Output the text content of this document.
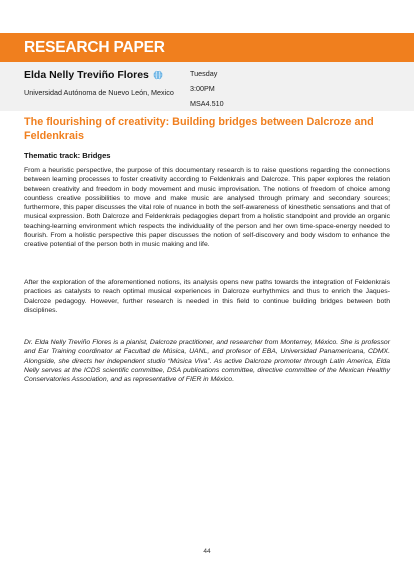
RESEARCH PAPER
Elda Nelly Treviño Flores
Universidad Autónoma de Nuevo León, Mexico
Tuesday
3:00PM
MSA4.510
The flourishing of creativity: Building bridges between Dalcroze and Feldenkrais
Thematic track: Bridges

From a heuristic perspective, the purpose of this documentary research is to raise questions regarding the connections between learning processes to foster creativity according to Feldenkrais and Dalcroze. This paper explores the relation between creativity and freedom in body movement and music improvisation. The notions of freedom of choice among countless creative possibilities to move and make music are analysed through primary and secondary sources; furthermore, this paper discusses the vital role of nuance in both the self-awareness of kinesthetic sensations and that of musical expression. Both Dalcroze and Feldenkrais pedagogies depart from a holistic standpoint and provide an organic teaching-learning environment which respects the individuality of the person and her own time-space-energy needed to flourish. From a holistic perspective this paper discusses the notion of self-discovery and body wisdom to enhance the creative potential of the person both in music making and life.

After the exploration of the aforementioned notions, its analysis opens new paths towards the integration of Feldenkrais practices as catalysts to reach optimal musical experiences in Dalcroze eurhythmics and thus to enrich the Jaques-Dalcroze pedagogy. However, further research is needed in this field to continue building bridges between both disciplines.

Dr. Elda Nelly Treviño Flores is a pianist, Dalcroze practitioner, and researcher from Monterrey, México. She is professor and Ear Training coordinator at Facultad de Música, UANL, and profesor of EBA, Universidad Panamericana, CDMX. Alongside, she directs her independent studio “Música Viva”. As active Dalcroze promoter through Latin America, Elda Nelly serves at the ICDS scientific committee, DSA publications committee, directive committee of the Mexican Healthy Conservatories Association, and as representative of FIER in México.

44
